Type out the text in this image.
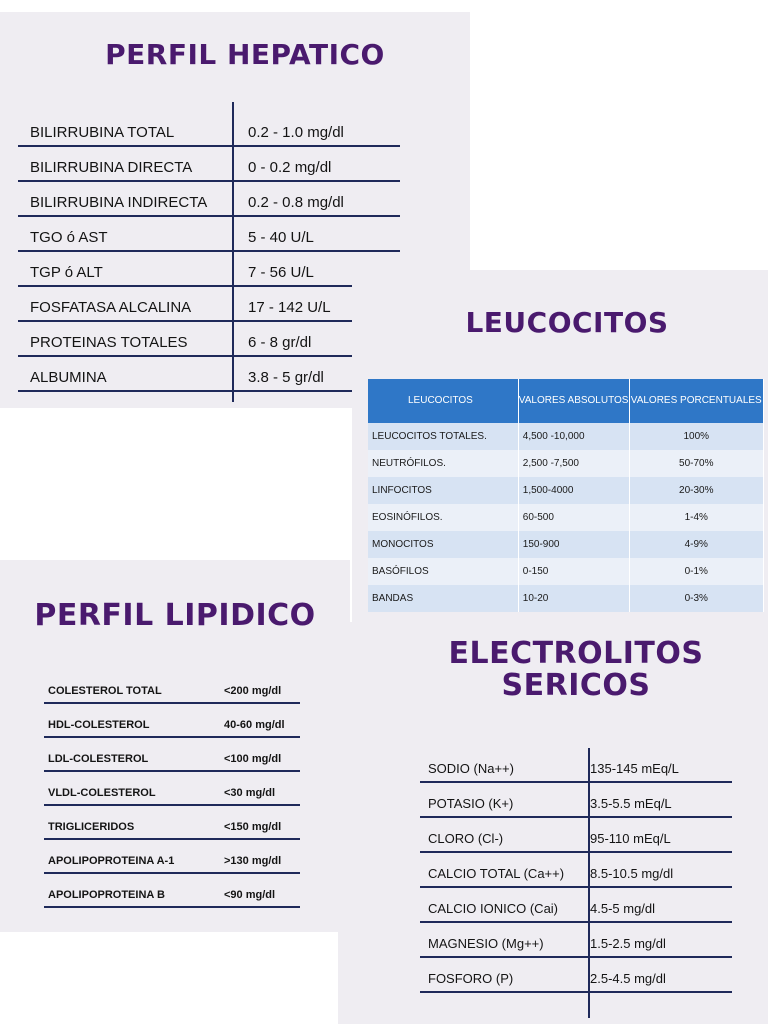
PERFIL HEPATICO
BILIRRUBINA TOTAL	0.2 - 1.0 mg/dl
BILIRRUBINA DIRECTA	0 - 0.2 mg/dl
BILIRRUBINA INDIRECTA	0.2 - 0.8 mg/dl
TGO ó AST	5 - 40 U/L
TGP ó ALT	7 - 56 U/L
FOSFATASA ALCALINA	17 - 142 U/L
PROTEINAS TOTALES	6 - 8 gr/dl
ALBUMINA	3.8 - 5 gr/dl
PERFIL LIPIDICO
COLESTEROL TOTAL	<200 mg/dl
HDL-COLESTEROL	40-60 mg/dl
LDL-COLESTEROL	<100 mg/dl
VLDL-COLESTEROL	<30 mg/dl
TRIGLICERIDOS	<150 mg/dl
APOLIPOPROTEINA A-1	>130 mg/dl
APOLIPOPROTEINA B	<90 mg/dl
ELECTROLITOS
SERICOS
SODIO (Na++)	135-145 mEq/L
POTASIO (K+)	3.5-5.5 mEq/L
CLORO (Cl-)	95-110 mEq/L
CALCIO TOTAL (Ca++) 8.5-10.5 mg/dl
CALCIO IONICO (Cai) 4.5-5 mg/dl
MAGNESIO (Mg++)	1.5-2.5 mg/dl
FOSFORO (P)	2.5-4.5 mg/dl
LEUCOCITOS
LEUCOCITOS	VALORES ABSOLUTOS	VALORES PORCENTUALES
LEUCOCITOS TOTALES.	4,500 -10,000	100%
NEUTRÓFILOS.	2,500 -7,500	50-70%
LINFOCITOS	1,500-4000	20-30%
EOSINÓFILOS.	60-500	1-4%
MONOCITOS	150-900	4-9%
BASÓFILOS	0-150	0-1%
BANDAS	10-20	0-3%
